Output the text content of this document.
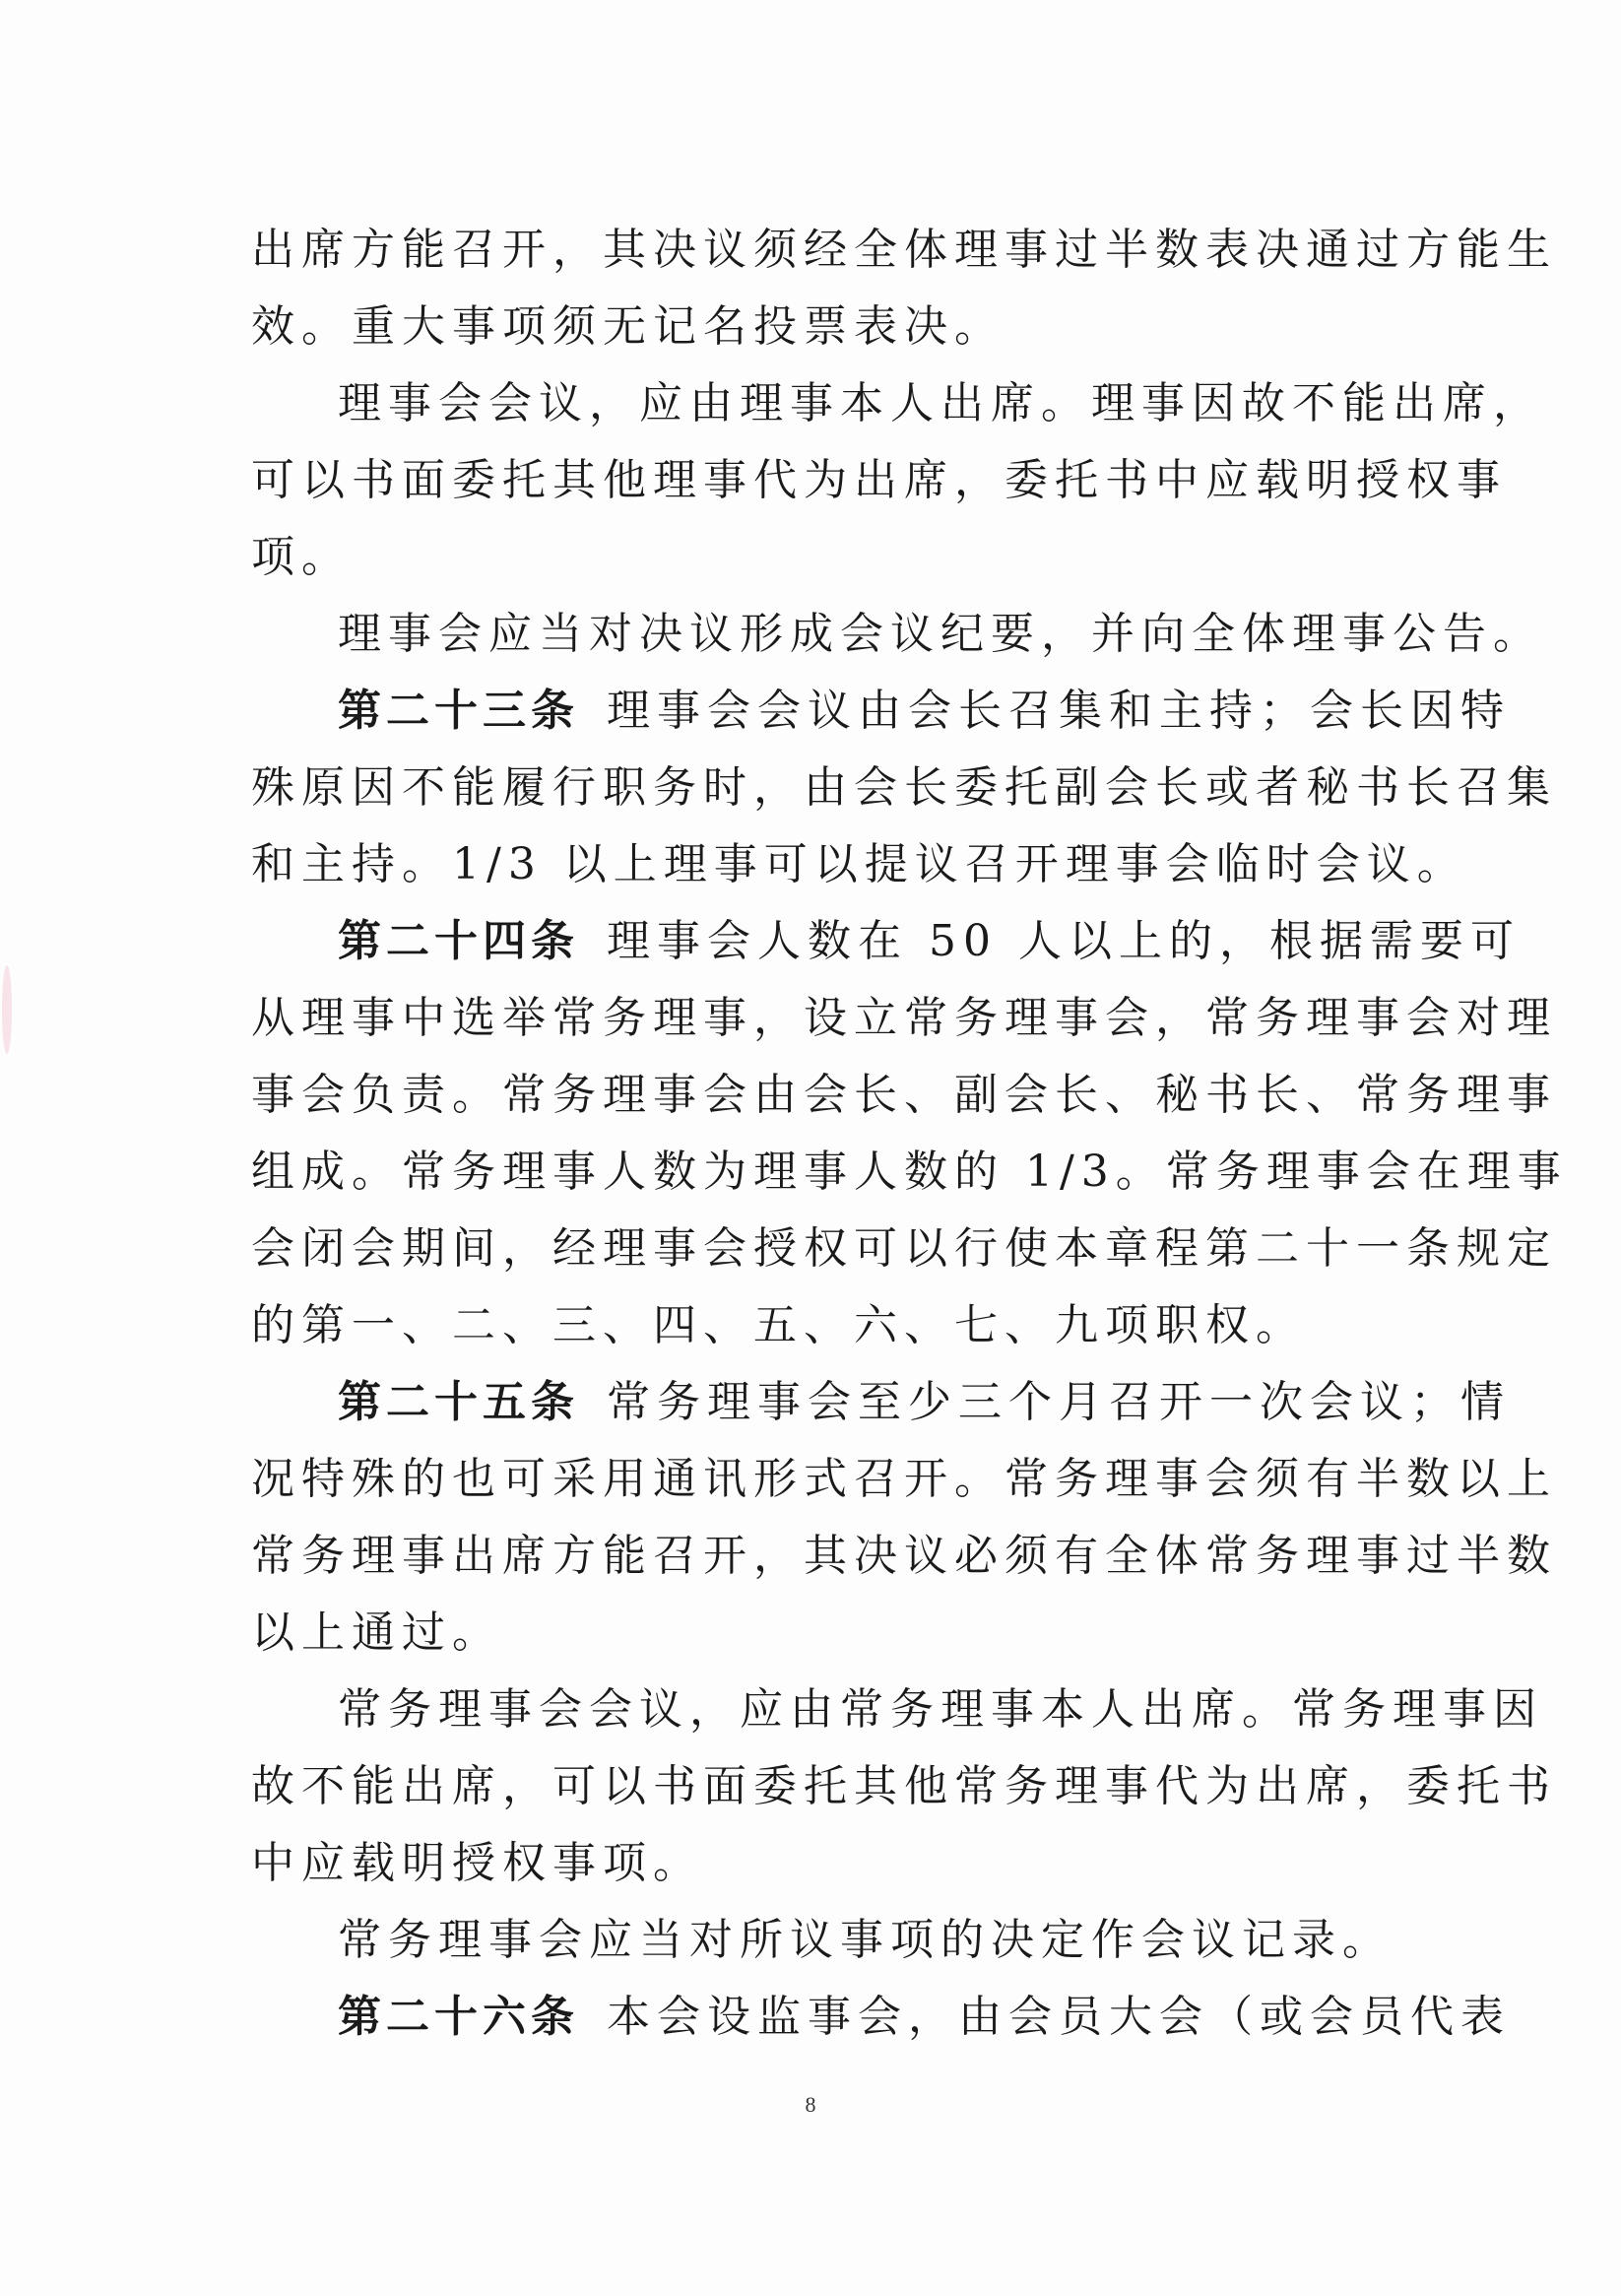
出席方能召开，其决议须经全体理事过半数表决通过方能生
效。重大事项须无记名投票表决。
理事会会议，应由理事本人出席。理事因故不能出席，
可以书面委托其他理事代为出席，委托书中应载明授权事
项。
理事会应当对决议形成会议纪要，并向全体理事公告。
第二十三条 理事会会议由会长召集和主持；会长因特
殊原因不能履行职务时，由会长委托副会长或者秘书长召集
和主持。1/3 以上理事可以提议召开理事会临时会议。
第二十四条 理事会人数在 50 人以上的，根据需要可
从理事中选举常务理事，设立常务理事会，常务理事会对理
事会负责。常务理事会由会长、副会长、秘书长、常务理事
组成。常务理事人数为理事人数的 1/3。常务理事会在理事
会闭会期间，经理事会授权可以行使本章程第二十一条规定
的第一、二、三、四、五、六、七、九项职权。
第二十五条 常务理事会至少三个月召开一次会议；情
况特殊的也可采用通讯形式召开。常务理事会须有半数以上
常务理事出席方能召开，其决议必须有全体常务理事过半数
以上通过。
常务理事会会议，应由常务理事本人出席。常务理事因
故不能出席，可以书面委托其他常务理事代为出席，委托书
中应载明授权事项。
常务理事会应当对所议事项的决定作会议记录。
第二十六条 本会设监事会，由会员大会（或会员代表
8
